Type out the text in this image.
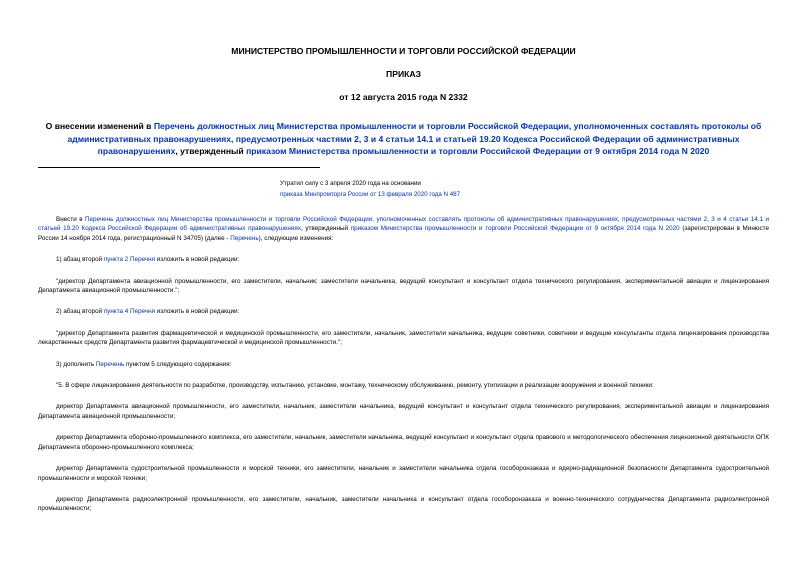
МИНИСТЕРСТВО ПРОМЫШЛЕННОСТИ И ТОРГОВЛИ РОССИЙСКОЙ ФЕДЕРАЦИИ
ПРИКАЗ
от 12 августа 2015 года N 2332
О внесении изменений в Перечень должностных лиц Министерства промышленности и торговли Российской Федерации, уполномоченных составлять протоколы об административных правонарушениях, предусмотренных частями 2, 3 и 4 статьи 14.1 и статьей 19.20 Кодекса Российской Федерации об административных правонарушениях, утвержденный приказом Министерства промышленности и торговли Российской Федерации от 9 октября 2014 года N 2020
Утратил силу с 3 апреля 2020 года на основании
приказа Минпромторга России от 13 февраля 2020 года N 487

Внести в Перечень должностных лиц Министерства промышленности и торговли Российской Федерации, уполномоченных составлять протоколы об административных правонарушениях, предусмотренных частями 2, 3 и 4 статьи 14.1 и статьей 19.20 Кодекса Российской Федерации об административных правонарушениях, утвержденный приказом Министерства промышленности и торговли Российской Федерации от 9 октября 2014 года N 2020 (зарегистрирован в Минюсте России 14 ноября 2014 года, регистрационный N 34705) (далее - Перечень), следующие изменения:

1) абзац второй пункта 2 Перечня изложить в новой редакции:

"директор Департамента авиационной промышленности, его заместители, начальник; заместители начальника, ведущий консультант и консультант отдела технического регулирования, экспериментальной авиации и лицензирования Департамента авиационной промышленности.";

2) абзац второй пункта 4 Перечня изложить в новой редакции:

"директор Департамента развития фармацевтической и медицинской промышленности, его заместители, начальник, заместители начальника, ведущие советники, советники и ведущие консультанты отдела лицензирования производства лекарственных средств Департамента развития фармацевтической и медицинской промышленности.";

3) дополнить Перечень пунктом 5 следующего содержания:

"5. В сфере лицензирования деятельности по разработке, производству, испытанию, установке, монтажу, техническому обслуживанию, ремонту, утилизации и реализации вооружения и военной техники:

директор Департамента авиационной промышленности, его заместители, начальник, заместители начальника, ведущий консультант и консультант отдела технического регулирования, экспериментальной авиации и лицензирования Департамента авиационной промышленности;

директор Департамента оборонно-промышленного комплекса, его заместители, начальник, заместители начальника, ведущий консультант и консультант отдела правового и методологического обеспечения лицензионной деятельности ОПК Департамента оборонно-промышленного комплекса;

директор Департамента судостроительной промышленности и морской техники, его заместители, начальник и заместители начальника отдела гособоронзаказа и ядерно-радиационной безопасности Департамента судостроительной промышленности и морской техники;

директор Департамента радиоэлектронной промышленности, его заместители, начальник, заместители начальника и консультант отдела гособоронзаказа и военно-технического сотрудничества Департамента радиоэлектронной промышленности;
